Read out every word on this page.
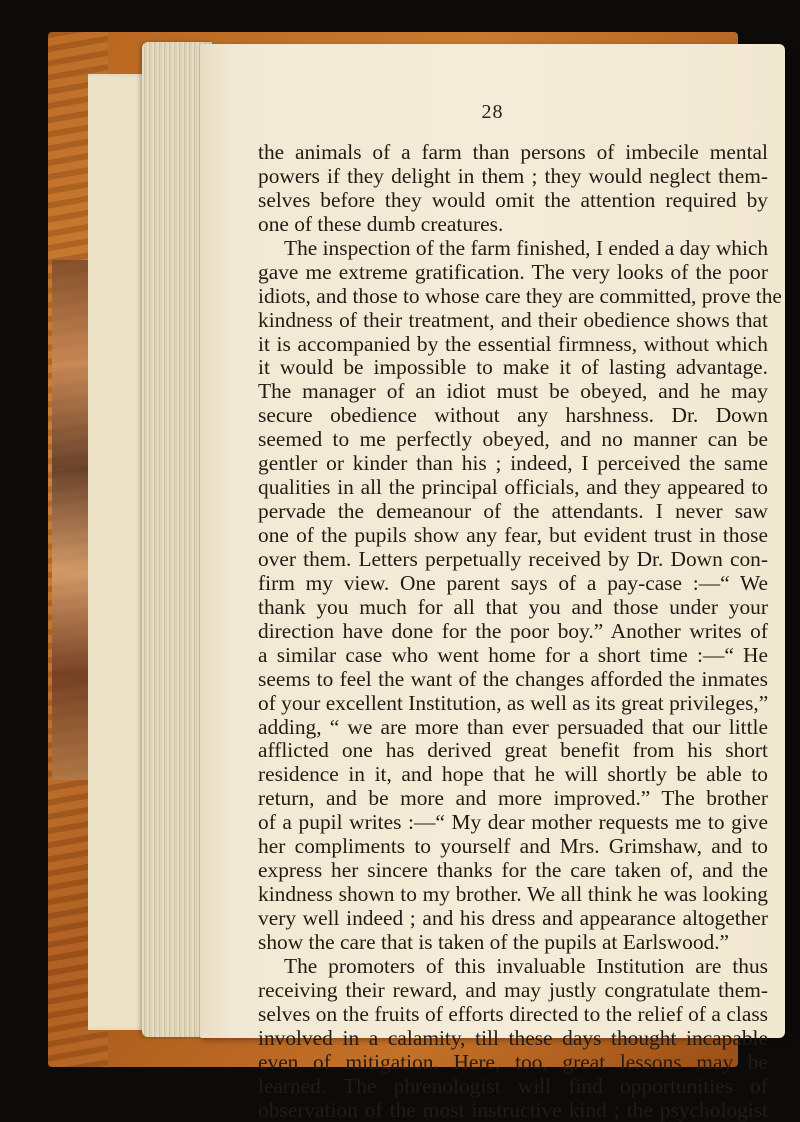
28
the animals of a farm than persons of imbecile mental
powers if they delight in them ; they would neglect them-
selves before they would omit the attention required by
one of these dumb creatures.
The inspection of the farm finished, I ended a day which
gave me extreme gratification. The very looks of the poor
idiots, and those to whose care they are committed, prove the
kindness of their treatment, and their obedience shows that
it is accompanied by the essential firmness, without which
it would be impossible to make it of lasting advantage.
The manager of an idiot must be obeyed, and he may
secure obedience without any harshness. Dr. Down
seemed to me perfectly obeyed, and no manner can be
gentler or kinder than his ; indeed, I perceived the same
qualities in all the principal officials, and they appeared to
pervade the demeanour of the attendants. I never saw
one of the pupils show any fear, but evident trust in those
over them. Letters perpetually received by Dr. Down con-
firm my view. One parent says of a pay-case :—“ We
thank you much for all that you and those under your
direction have done for the poor boy.” Another writes of
a similar case who went home for a short time :—“ He
seems to feel the want of the changes afforded the inmates
of your excellent Institution, as well as its great privileges,”
adding, “ we are more than ever persuaded that our little
afflicted one has derived great benefit from his short
residence in it, and hope that he will shortly be able to
return, and be more and more improved.” The brother
of a pupil writes :—“ My dear mother requests me to give
her compliments to yourself and Mrs. Grimshaw, and to
express her sincere thanks for the care taken of, and the
kindness shown to my brother. We all think he was looking
very well indeed ; and his dress and appearance altogether
show the care that is taken of the pupils at Earlswood.”
The promoters of this invaluable Institution are thus
receiving their reward, and may justly congratulate them-
selves on the fruits of efforts directed to the relief of a class
involved in a calamity, till these days thought incapable
even of mitigation. Here, too, great lessons may be
learned. The phrenologist will find opportunities of
observation of the most instructive kind ; the psychologist
